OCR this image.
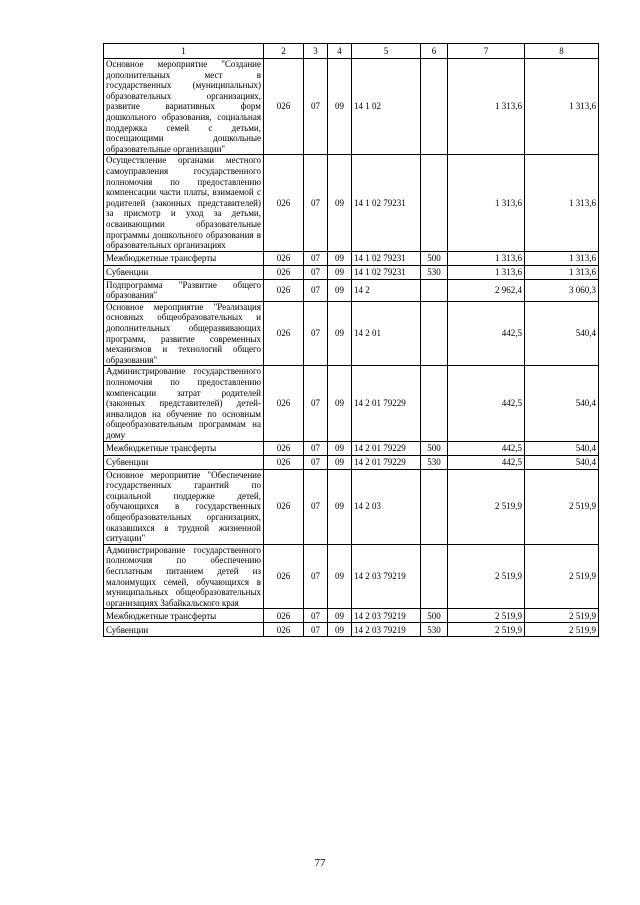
1	2	3	4	5	6	7	8
Основное мероприятие "Создание дополнительных мест в государственных (муниципальных) образовательных организациях, развитие вариативных форм дошкольного образования, социальная поддержка семей с детьми, посещающими дошкольные образовательные организации"	026	07	09	14 1 02		1 313,6	1 313,6
Осуществление органами местного самоуправления государственного полномочия по предоставлению компенсации части платы, взимаемой с родителей (законных представителей) за присмотр и уход за детьми, осваивающими образовательные программы дошкольного образования в образовательных организациях	026	07	09	14 1 02 79231		1 313,6	1 313,6
Межбюджетные трансферты	026	07	09	14 1 02 79231	500	1 313,6	1 313,6
Субвенции	026	07	09	14 1 02 79231	530	1 313,6	1 313,6
Подпрограмма "Развитие общего образования"	026	07	09	14 2		2 962,4	3 060,3
Основное мероприятие "Реализация основных общеобразовательных и дополнительных общеразвивающих программ, развитие современных механизмов и технологий общего образования"	026	07	09	14 2 01		442,5	540,4
Администрирование государственного полномочия по предоставлению компенсации затрат родителей (законных представителей) детей-инвалидов на обучение по основным общеобразовательным программам на дому	026	07	09	14 2 01 79229		442,5	540,4
Межбюджетные трансферты	026	07	09	14 2 01 79229	500	442,5	540,4
Субвенции	026	07	09	14 2 01 79229	530	442,5	540,4
Основное мероприятие "Обеспечение государственных гарантий по социальной поддержке детей, обучающихся в государственных общеобразовательных организациях, оказавшихся в трудной жизненной ситуации"	026	07	09	14 2 03		2 519,9	2 519,9
Администрирование государственного полномочия по обеспечению бесплатным питанием детей из малоимущих семей, обучающихся в муниципальных общеобразовательных организациях Забайкальского края	026	07	09	14 2 03 79219		2 519,9	2 519,9
Межбюджетные трансферты	026	07	09	14 2 03 79219	500	2 519,9	2 519,9
Субвенции	026	07	09	14 2 03 79219	530	2 519,9	2 519,9
77
